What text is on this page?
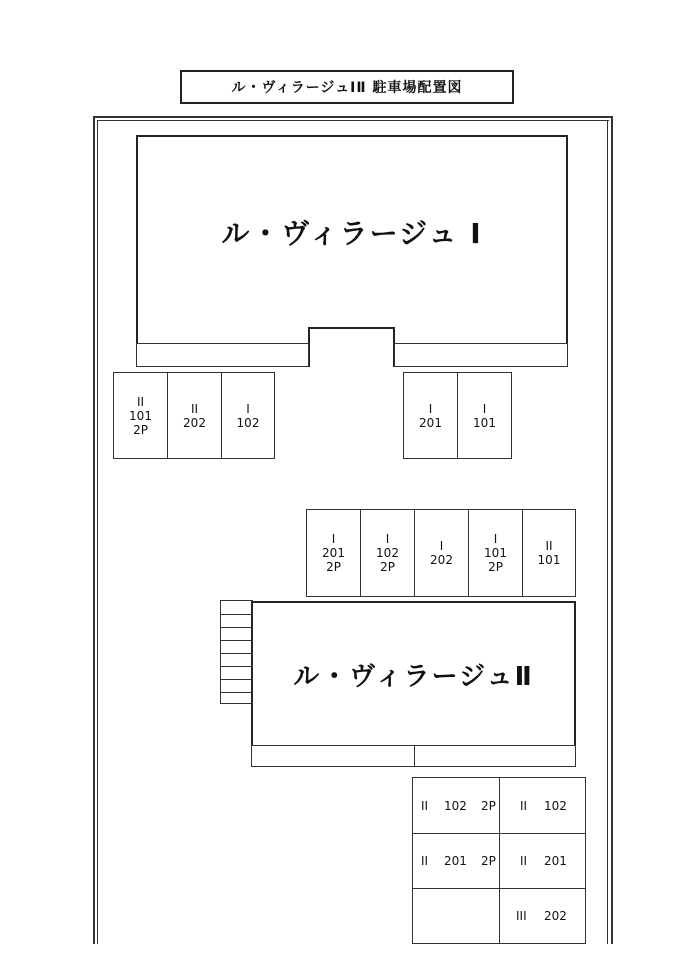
ル・ヴィラージュⅠⅡ 駐車場配置図
ル・ヴィラージュ Ⅰ
II
101
2P
II
202
I
102
I
201
I
101
I
201
2P
I
102
2P
I
202
I
101
2P
II
101
ル・ヴィラージュⅡ
II 102 2P II 102
II 201 2P II 201
III 202
